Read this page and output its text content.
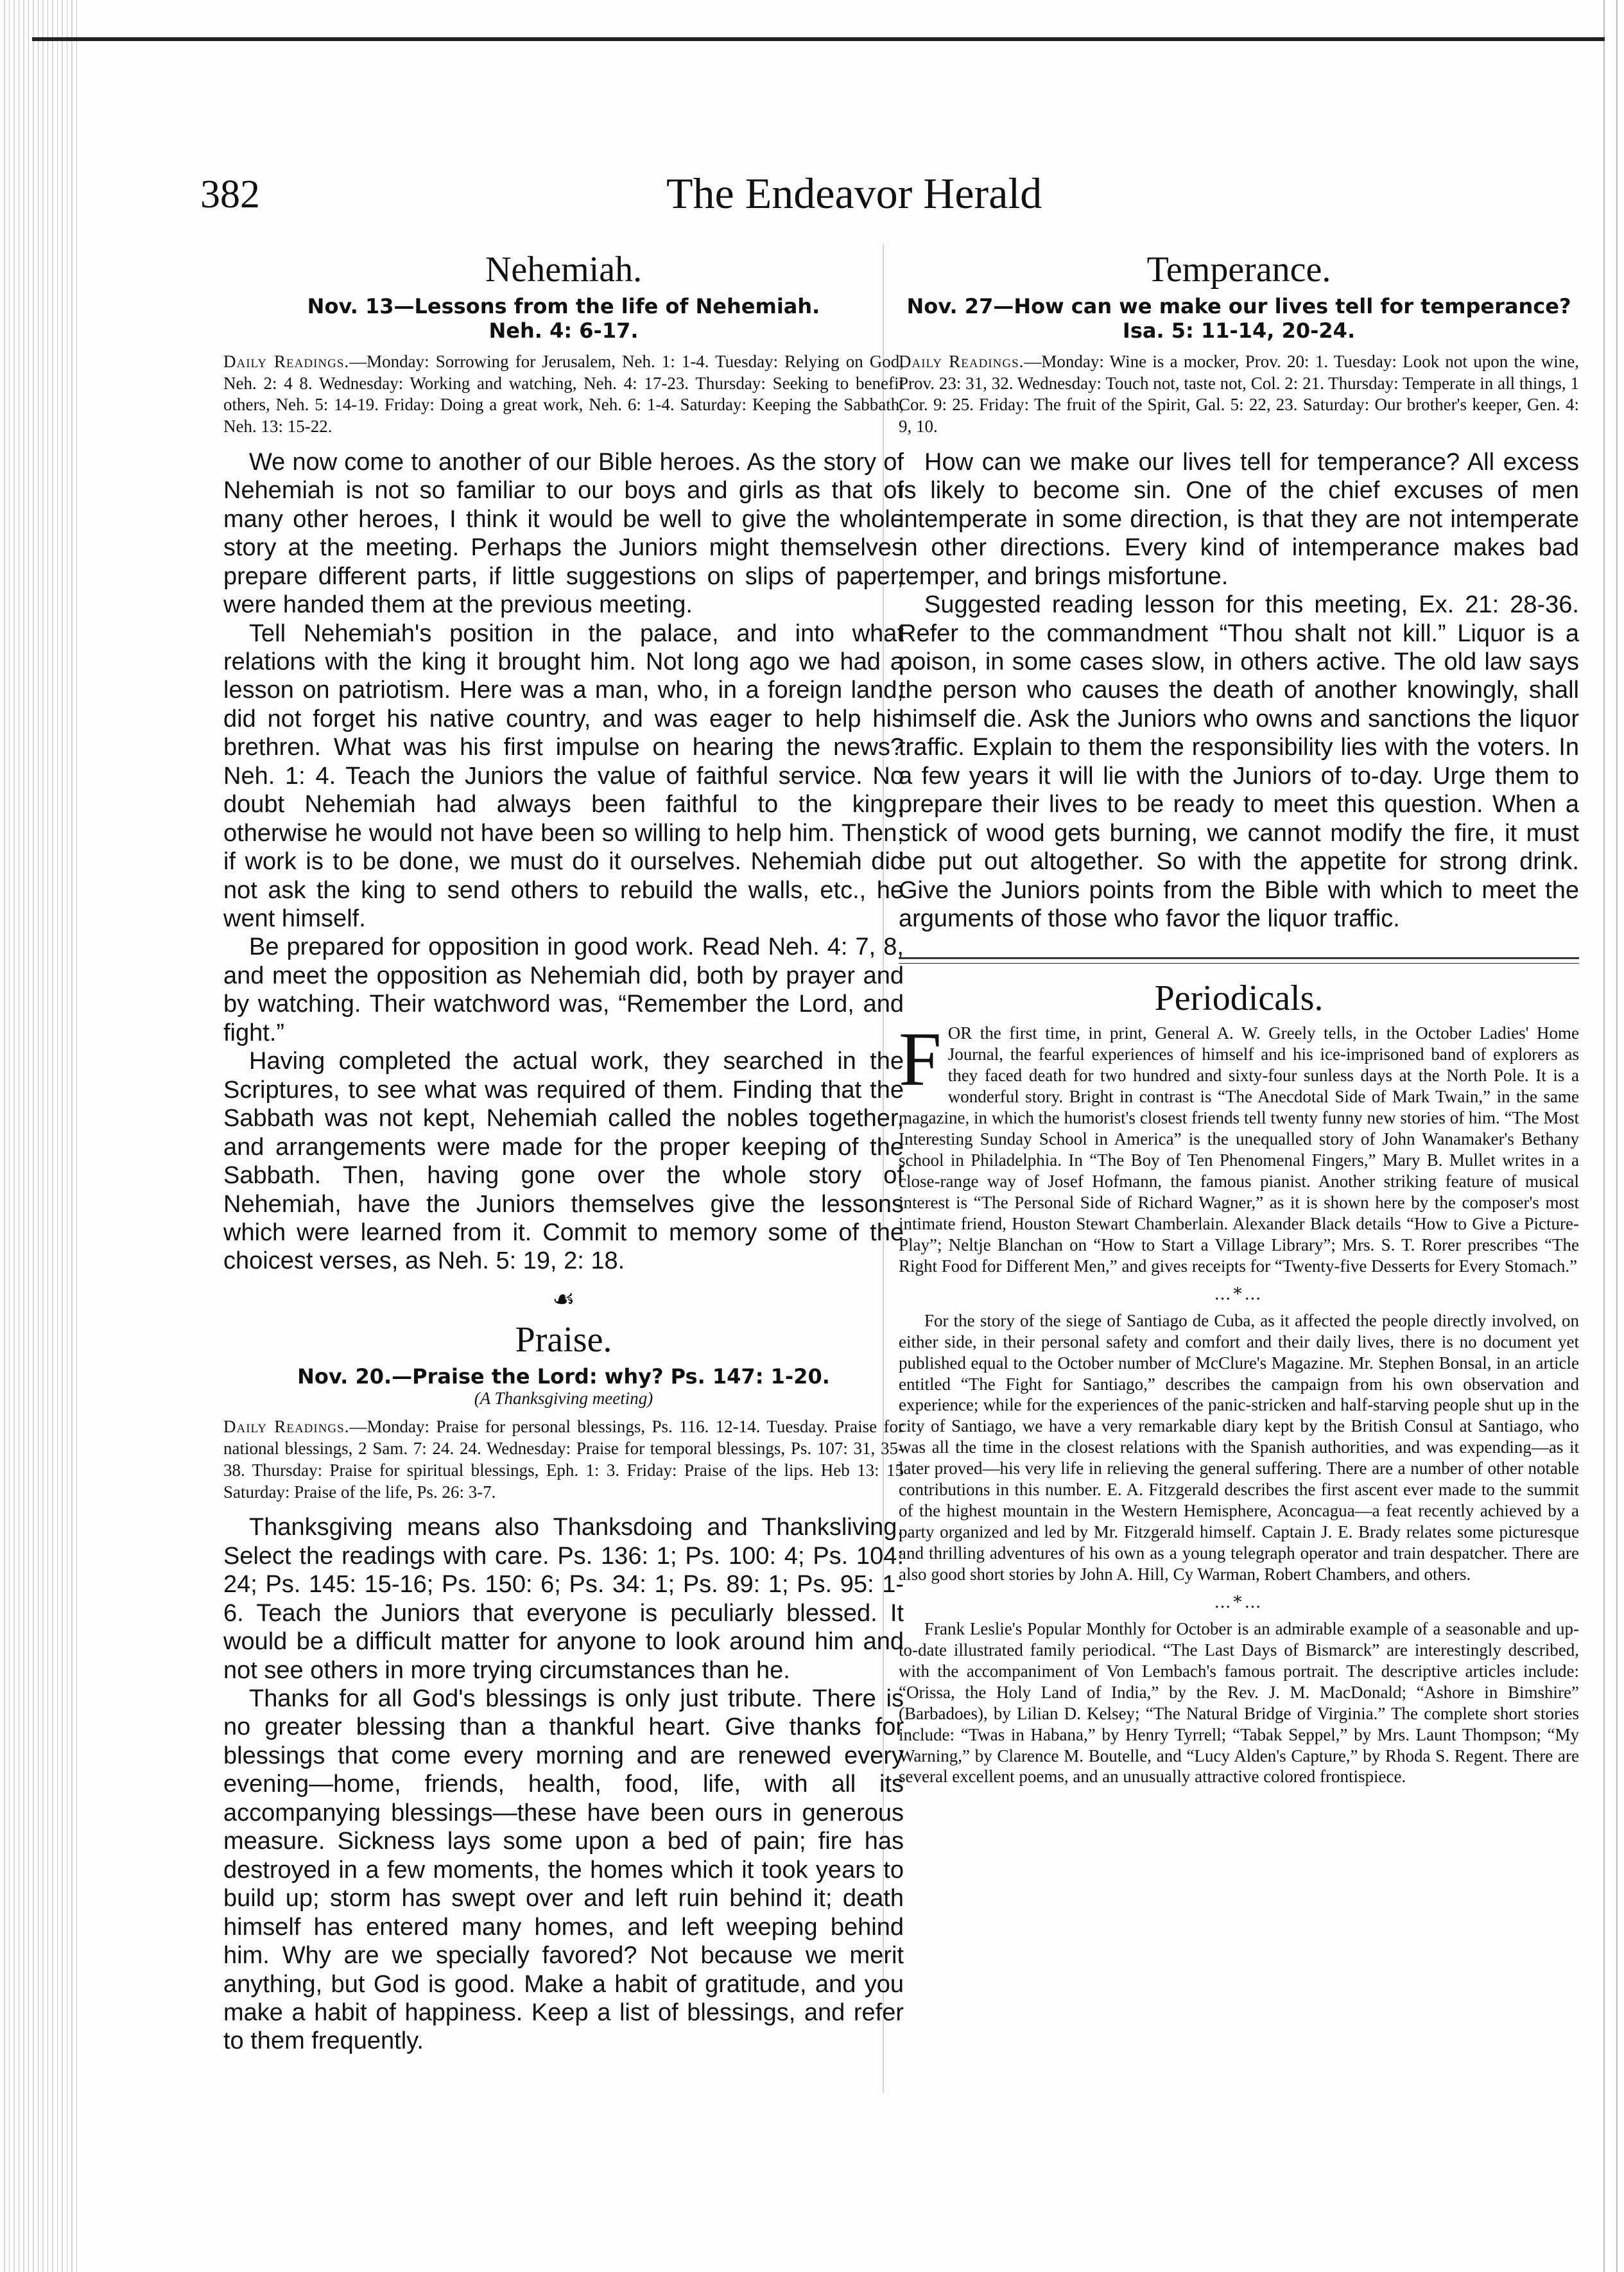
382	The Endeavor Herald
Nehemiah.

Nov. 13—Lessons from the life of Nehemiah.

Neh. 4: 6-17.

Daily Readings.—Monday: Sorrowing for Jerusalem, Neh. 1: 1-4. Tuesday: Relying on God, Neh. 2: 4 8. Wednesday: Working and watching, Neh. 4: 17-23. Thursday: Seeking to benefit others, Neh. 5: 14-19. Friday: Doing a great work, Neh. 6: 1-4. Saturday: Keeping the Sabbath, Neh. 13: 15-22.

We now come to another of our Bible heroes. As the story of Nehemiah is not so familiar to our boys and girls as that of many other heroes, I think it would be well to give the whole story at the meeting. Perhaps the Juniors might themselves prepare different parts, if little suggestions on slips of paper, were handed them at the previous meeting.

Tell Nehemiah's position in the palace, and into what relations with the king it brought him. Not long ago we had a lesson on patriotism. Here was a man, who, in a foreign land, did not forget his native country, and was eager to help his brethren. What was his first impulse on hearing the news? Neh. 1: 4. Teach the Juniors the value of faithful service. No doubt Nehemiah had always been faithful to the king, otherwise he would not have been so willing to help him. Then, if work is to be done, we must do it ourselves. Nehemiah did not ask the king to send others to rebuild the walls, etc., he went himself.

Be prepared for opposition in good work. Read Neh. 4: 7, 8, and meet the opposition as Nehemiah did, both by prayer and by watching. Their watchword was, “Remember the Lord, and fight.”

Having completed the actual work, they searched in the Scriptures, to see what was required of them. Finding that the Sabbath was not kept, Nehemiah called the nobles together, and arrangements were made for the proper keeping of the Sabbath. Then, having gone over the whole story of Nehemiah, have the Juniors themselves give the lessons which were learned from it. Commit to memory some of the choicest verses, as Neh. 5: 19, 2: 18.

☙
Praise.

Nov. 20.—Praise the Lord: why? Ps. 147: 1-20.

(A Thanksgiving meeting)

Daily Readings.—Monday: Praise for personal blessings, Ps. 116. 12-14. Tuesday. Praise for national blessings, 2 Sam. 7: 24. 24. Wednesday: Praise for temporal blessings, Ps. 107: 31, 35-38. Thursday: Praise for spiritual blessings, Eph. 1: 3. Friday: Praise of the lips. Heb 13: 15 Saturday: Praise of the life, Ps. 26: 3-7.

Thanksgiving means also Thanksdoing and Thanksliving. Select the readings with care. Ps. 136: 1; Ps. 100: 4; Ps. 104: 24; Ps. 145: 15-16; Ps. 150: 6; Ps. 34: 1; Ps. 89: 1; Ps. 95: 1-6. Teach the Juniors that everyone is peculiarly blessed. It would be a difficult matter for anyone to look around him and not see others in more trying circumstances than he.

Thanks for all God's blessings is only just tribute. There is no greater blessing than a thankful heart. Give thanks for blessings that come every morning and are renewed every evening—home, friends, health, food, life, with all its accompanying blessings—these have been ours in generous measure. Sickness lays some upon a bed of pain; fire has destroyed in a few moments, the homes which it took years to build up; storm has swept over and left ruin behind it; death himself has entered many homes, and left weeping behind him. Why are we specially favored? Not because we merit anything, but God is good. Make a habit of gratitude, and you make a habit of happiness. Keep a list of blessings, and refer to them frequently.

Temperance.

Nov. 27—How can we make our lives tell for temperance? Isa. 5: 11-14, 20-24.

Daily Readings.—Monday: Wine is a mocker, Prov. 20: 1. Tuesday: Look not upon the wine, Prov. 23: 31, 32. Wednesday: Touch not, taste not, Col. 2: 21. Thursday: Temperate in all things, 1 Cor. 9: 25. Friday: The fruit of the Spirit, Gal. 5: 22, 23. Saturday: Our brother's keeper, Gen. 4: 9, 10.

How can we make our lives tell for temperance? All excess is likely to become sin. One of the chief excuses of men intemperate in some direction, is that they are not intemperate in other directions. Every kind of intemperance makes bad temper, and brings misfortune.

Suggested reading lesson for this meeting, Ex. 21: 28-36. Refer to the commandment “Thou shalt not kill.” Liquor is a poison, in some cases slow, in others active. The old law says the person who causes the death of another knowingly, shall himself die. Ask the Juniors who owns and sanctions the liquor traffic. Explain to them the responsibility lies with the voters. In a few years it will lie with the Juniors of to-day. Urge them to prepare their lives to be ready to meet this question. When a stick of wood gets burning, we cannot modify the fire, it must be put out altogether. So with the appetite for strong drink. Give the Juniors points from the Bible with which to meet the arguments of those who favor the liquor traffic.

Periodicals.

FOR the first time, in print, General A. W. Greely tells, in the October Ladies' Home Journal, the fearful experiences of himself and his ice-imprisoned band of explorers as they faced death for two hundred and sixty-four sunless days at the North Pole. It is a wonderful story. Bright in contrast is “The Anecdotal Side of Mark Twain,” in the same magazine, in which the humorist's closest friends tell twenty funny new stories of him. “The Most Interesting Sunday School in America” is the unequalled story of John Wanamaker's Bethany school in Philadelphia. In “The Boy of Ten Phenomenal Fingers,” Mary B. Mullet writes in a close-range way of Josef Hofmann, the famous pianist. Another striking feature of musical interest is “The Personal Side of Richard Wagner,” as it is shown here by the composer's most intimate friend, Houston Stewart Chamberlain. Alexander Black details “How to Give a Picture-Play”; Neltje Blanchan on “How to Start a Village Library”; Mrs. S. T. Rorer prescribes “The Right Food for Different Men,” and gives receipts for “Twenty-five Desserts for Every Stomach.”

…*…

For the story of the siege of Santiago de Cuba, as it affected the people directly involved, on either side, in their personal safety and comfort and their daily lives, there is no document yet published equal to the October number of McClure's Magazine. Mr. Stephen Bonsal, in an article entitled “The Fight for Santiago,” describes the campaign from his own observation and experience; while for the experiences of the panic-stricken and half-starving people shut up in the city of Santiago, we have a very remarkable diary kept by the British Consul at Santiago, who was all the time in the closest relations with the Spanish authorities, and was expending—as it later proved—his very life in relieving the general suffering. There are a number of other notable contributions in this number. E. A. Fitzgerald describes the first ascent ever made to the summit of the highest mountain in the Western Hemisphere, Aconcagua—a feat recently achieved by a party organized and led by Mr. Fitzgerald himself. Captain J. E. Brady relates some picturesque and thrilling adventures of his own as a young telegraph operator and train despatcher. There are also good short stories by John A. Hill, Cy Warman, Robert Chambers, and others.

…*…

Frank Leslie's Popular Monthly for October is an admirable example of a seasonable and up-to-date illustrated family periodical. “The Last Days of Bismarck” are interestingly described, with the accompaniment of Von Lembach's famous portrait. The descriptive articles include: “Orissa, the Holy Land of India,” by the Rev. J. M. MacDonald; “Ashore in Bimshire” (Barbadoes), by Lilian D. Kelsey; “The Natural Bridge of Virginia.” The complete short stories include: “Twas in Habana,” by Henry Tyrrell; “Tabak Seppel,” by Mrs. Launt Thompson; “My Warning,” by Clarence M. Boutelle, and “Lucy Alden's Capture,” by Rhoda S. Regent. There are several excellent poems, and an unusually attractive colored frontispiece.
